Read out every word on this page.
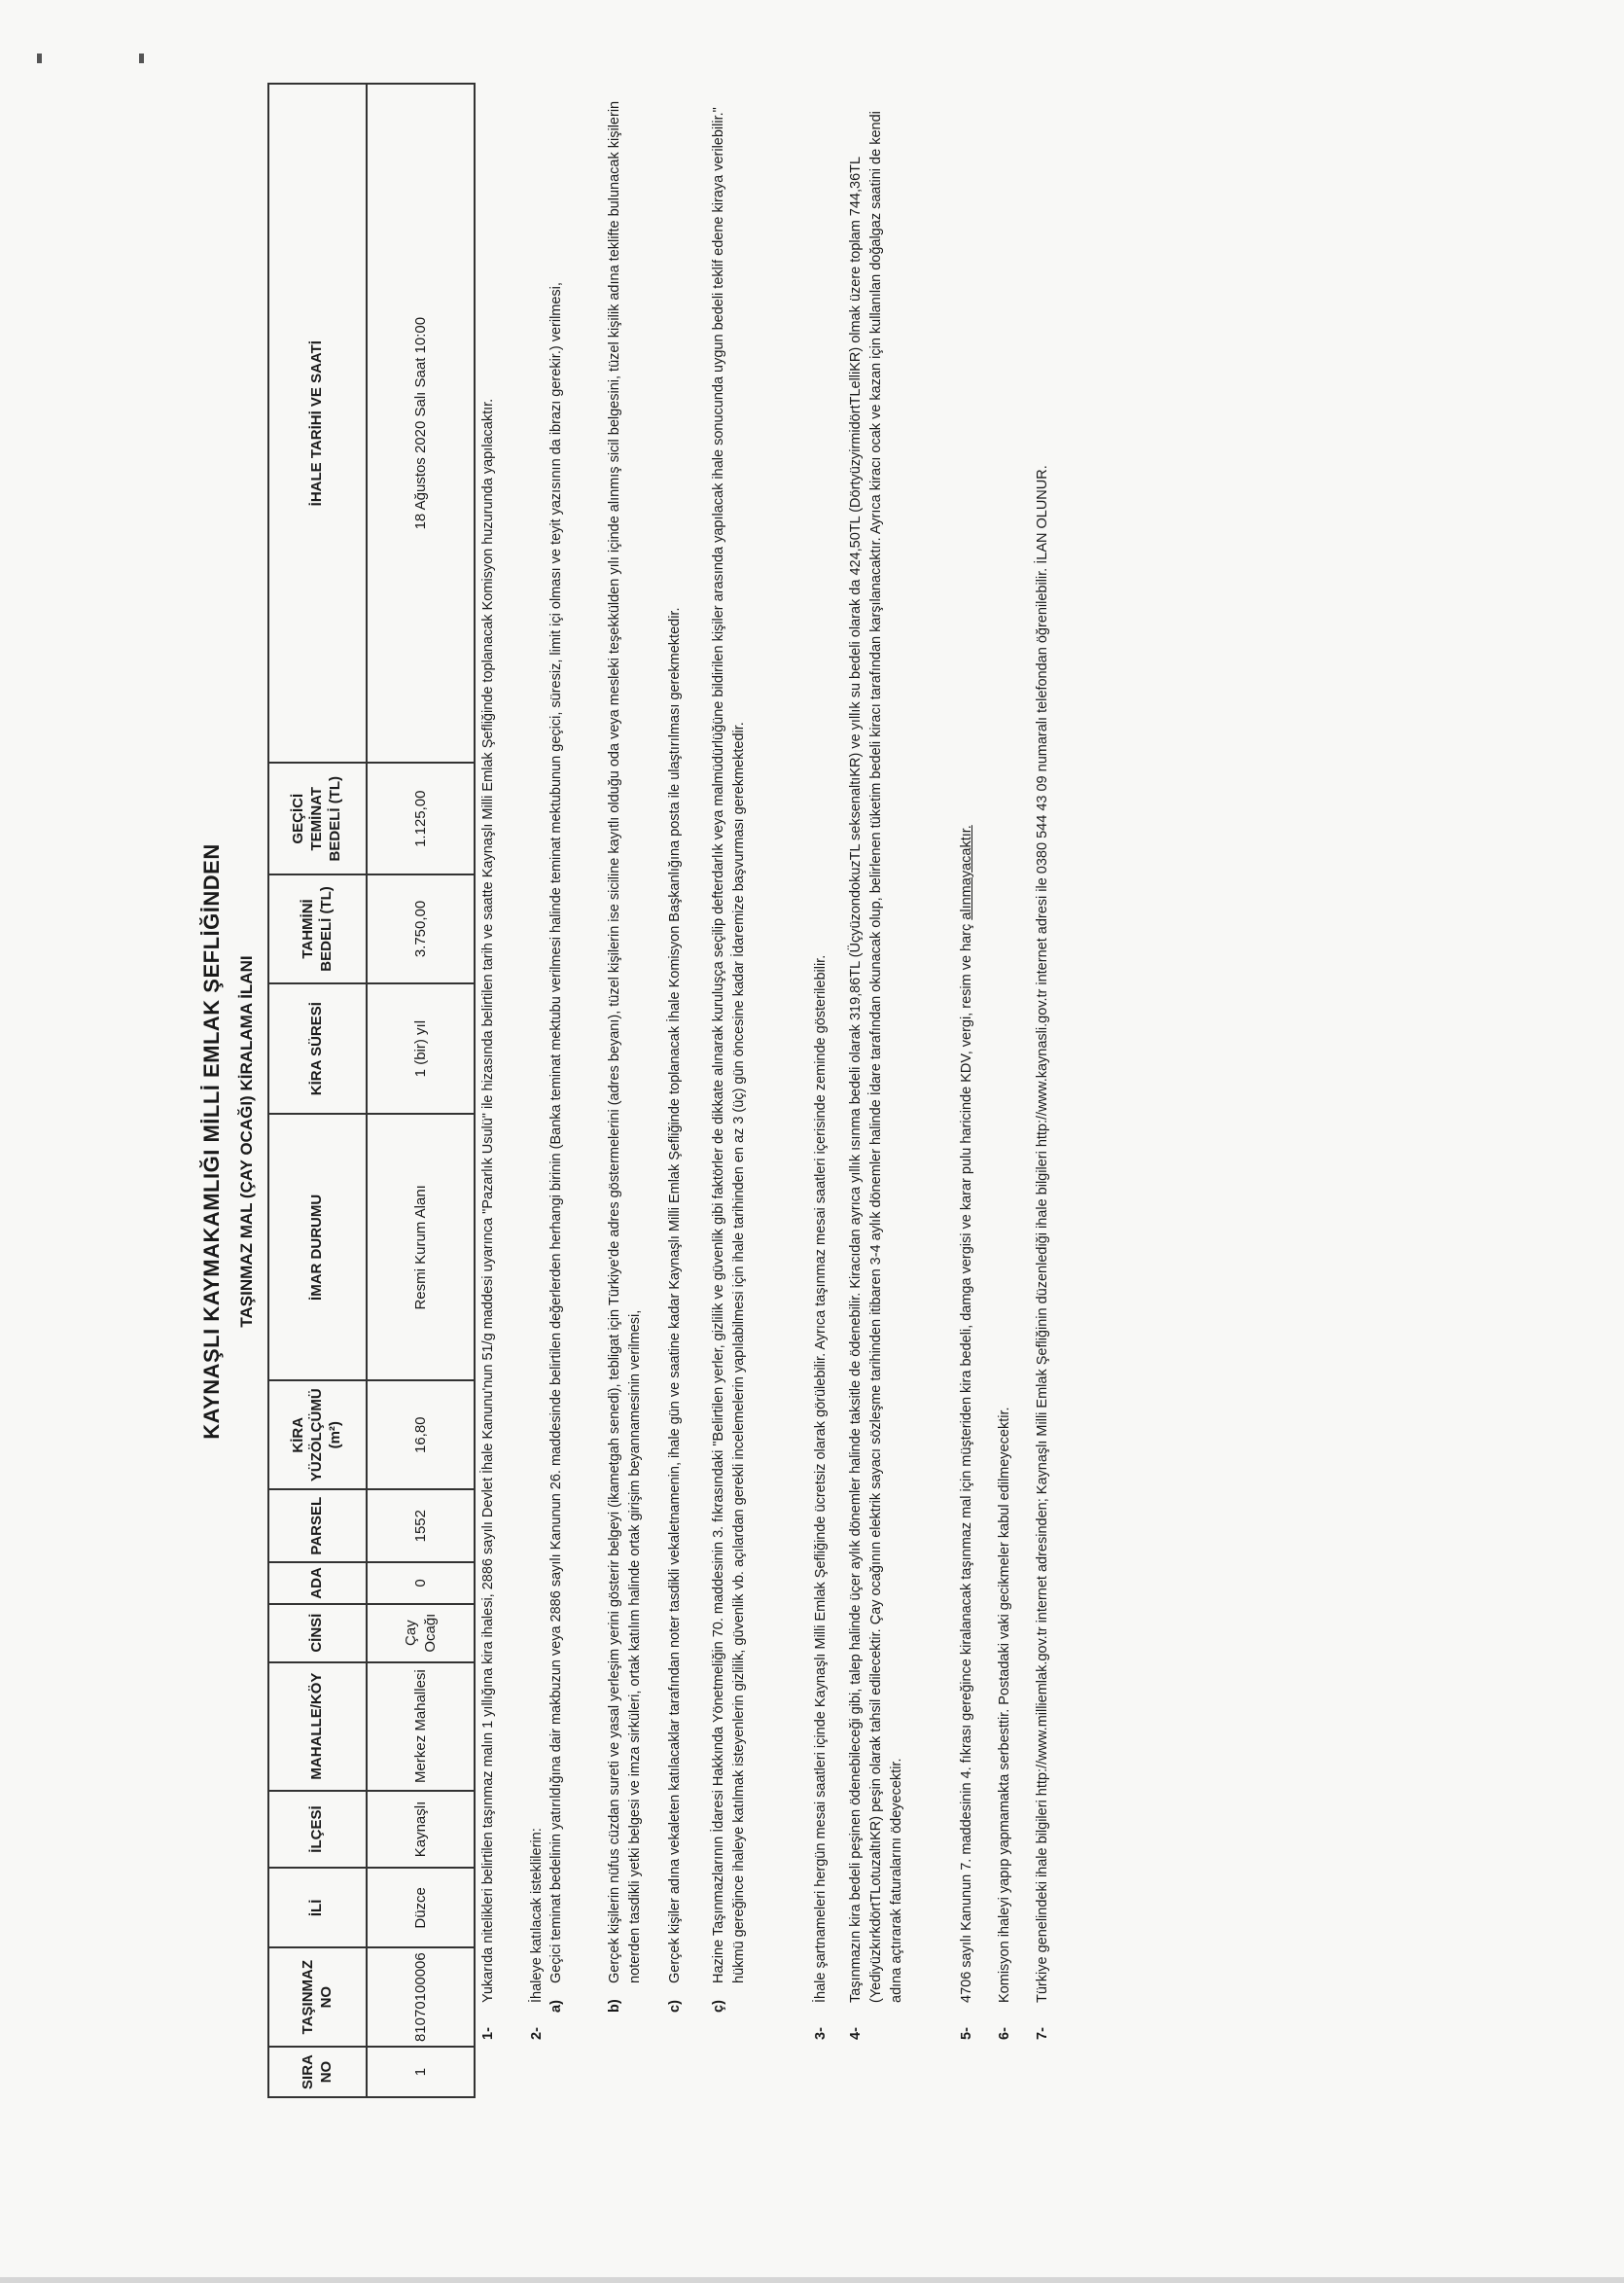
KAYNAŞLI KAYMAKAMLIĞI MİLLİ EMLAK ŞEFLİĞİNDEN TAŞINMAZ MAL (ÇAY OCAĞI) KİRALAMA İLANI
SIRA NO	TAŞINMAZ NO	İLİ	İLÇESİ	MAHALLE/KÖY	CİNSİ	ADA	PARSEL	KİRA YÜZÖLÇÜMÜ (m²)	İMAR DURUMU	KİRA SÜRESİ	TAHMİNİ BEDELİ (TL)	GEÇİCİ TEMİNAT BEDELİ (TL)	İHALE TARİHİ VE SAATİ
1	81070100006	Düzce	Kaynaşlı	Merkez Mahallesi	Çay Ocağı	0	1552	16,80	Resmi Kurum Alanı	1 (bir) yıl	3.750,00	1.125,00	18 Ağustos 2020 Salı Saat 10:00
1-
Yukarıda nitelikleri belirtilen taşınmaz malın 1 yıllığına kira ihalesi, 2886 sayılı Devlet İhale Kanunu'nun 51/g maddesi uyarınca "Pazarlık Usulü" ile hizasında belirtilen tarih ve saatte Kaynaşlı Milli Emlak Şefliğinde toplanacak Komisyon huzurunda yapılacaktır.
2-
İhaleye katılacak isteklilerin:
a)
Geçici teminat bedelinin yatırıldığına dair makbuzun veya 2886 sayılı Kanunun 26. maddesinde belirtilen değerlerden herhangi birinin (Banka teminat mektubu verilmesi halinde teminat mektubunun geçici, süresiz, limit içi olması ve teyit yazısının da ibrazı gerekir.) verilmesi,
b)
Gerçek kişilerin nüfus cüzdan sureti ve yasal yerleşim yerini gösterir belgeyi (ikametgah senedi), tebligat için Türkiye'de adres göstermelerini (adres beyanı), tüzel kişilerin ise siciline kayıtlı olduğu oda veya mesleki teşekkülden yılı içinde alınmış sicil belgesini, tüzel kişilik adına teklifte bulunacak kişilerin noterden tasdikli yetki belgesi ve imza sirküleri, ortak katılım halinde ortak girişim beyannamesinin verilmesi,
c)
Gerçek kişiler adına vekaleten katılacaklar tarafından noter tasdikli vekaletnamenin, ihale gün ve saatine kadar Kaynaşlı Milli Emlak Şefliğinde toplanacak İhale Komisyon Başkanlığına posta ile ulaştırılması gerekmektedir.
ç)
Hazine Taşınmazlarının İdaresi Hakkında Yönetmeliğin 70. maddesinin 3. fıkrasındaki "Belirtilen yerler, gizlilik ve güvenlik gibi faktörler de dikkate alınarak kuruluşça seçilip defterdarlık veya malmüdürlüğüne bildirilen kişiler arasında yapılacak ihale sonucunda uygun bedeli teklif edene kiraya verilebilir." hükmü gereğince ihaleye katılmak isteyenlerin gizlilik, güvenlik vb. açılardan gerekli incelemelerin yapılabilmesi için ihale tarihinden en az 3 (üç) gün öncesine kadar İdaremize başvurması gerekmektedir.
3-
İhale şartnameleri hergün mesai saatleri içinde Kaynaşlı Milli Emlak Şefliğinde ücretsiz olarak görülebilir. Ayrıca taşınmaz mesai saatleri içerisinde zeminde gösterilebilir.
4-
Taşınmazın kira bedeli peşinen ödenebileceği gibi, talep halinde üçer aylık dönemler halinde taksitle de ödenebilir. Kiracıdan ayrıca yıllık ısınma bedeli olarak 319,86TL (ÜçyüzondokuzTL seksenaltıKR) ve yıllık su bedeli olarak da 424,50TL (DörtyüzyirmidörtTLelliKR) olmak üzere toplam 744,36TL (YediyüzkırkdörtTLotuzaltıKR) peşin olarak tahsil edilecektir. Çay ocağının elektrik sayacı sözleşme tarihinden itibaren 3-4 aylık dönemler halinde İdare tarafından okunacak olup, belirlenen tüketim bedeli kiracı tarafından karşılanacaktır. Ayrıca kiracı ocak ve kazan için kullanılan doğalgaz saatini de kendi adına açtırarak faturalarını ödeyecektir.
5-
4706 sayılı Kanunun 7. maddesinin 4. fıkrası gereğince kiralanacak taşınmaz mal için müşteriden kira bedeli, damga vergisi ve karar pulu haricinde KDV, vergi, resim ve harç alınmayacaktır.
6-
Komisyon ihaleyi yapıp yapmamakta serbesttir. Postadaki vaki gecikmeler kabul edilmeyecektir.
7-
Türkiye genelindeki ihale bilgileri http://www.milliemlak.gov.tr internet adresinden; Kaynaşlı Milli Emlak Şefliğinin düzenlediği ihale bilgileri http://www.kaynasli.gov.tr internet adresi ile 0380 544 43 09 numaralı telefondan öğrenilebilir. İLAN OLUNUR.
